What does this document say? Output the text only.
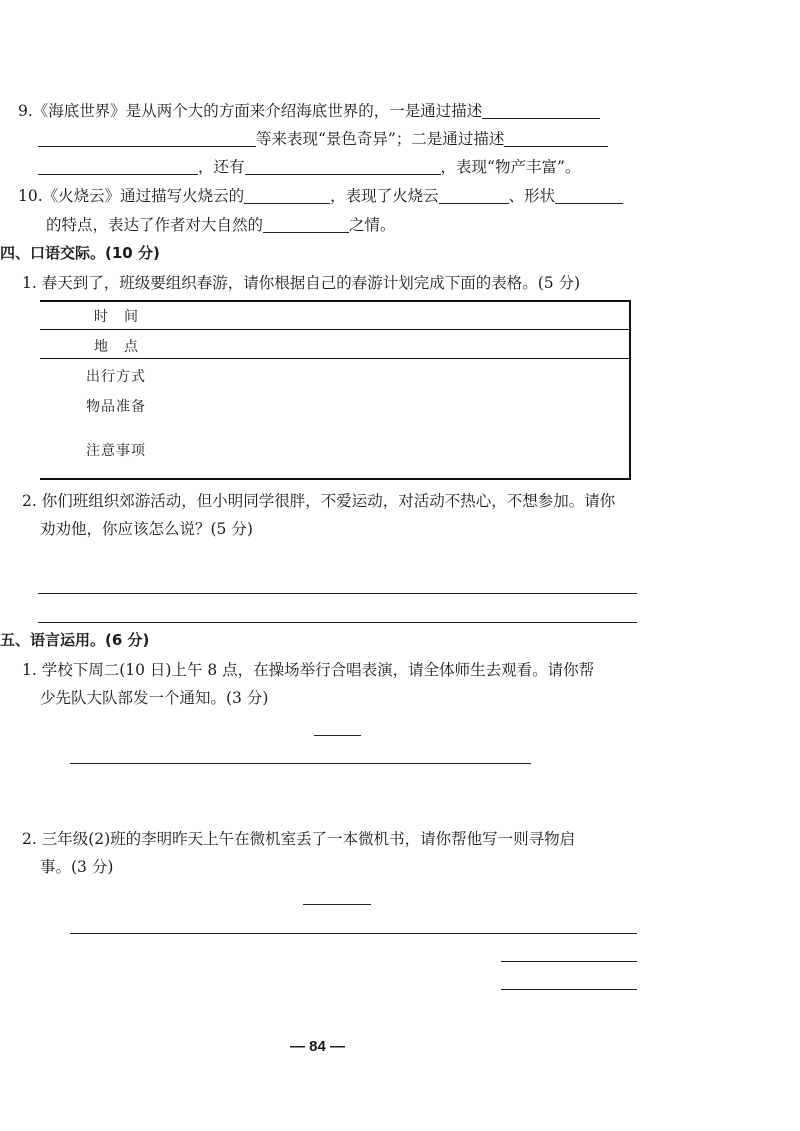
9.《海底世界》是从两个大的方面来介绍海底世界的，一是通过描述
等来表现“景色奇异”；二是通过描述
，还有	，表现“物产丰富”。
10.《火烧云》通过描写火烧云的	，表现了火烧云	、形状
的特点，表达了作者对大自然的	之情。
四、口语交际。(10 分)
1. 春天到了，班级要组织春游，请你根据自己的春游计划完成下面的表格。(5 分)
时　间
地　点
出行方式
物品准备
注意事项
2. 你们班组织郊游活动，但小明同学很胖，不爱运动，对活动不热心，不想参加。请你
劝劝他，你应该怎么说？(5 分)
五、语言运用。(6 分)
1. 学校下周二(10 日)上午 8 点，在操场举行合唱表演，请全体师生去观看。请你帮
少先队大队部发一个通知。(3 分)
2. 三年级(2)班的李明昨天上午在微机室丢了一本微机书，请你帮他写一则寻物启
事。(3 分)
— 84 —
